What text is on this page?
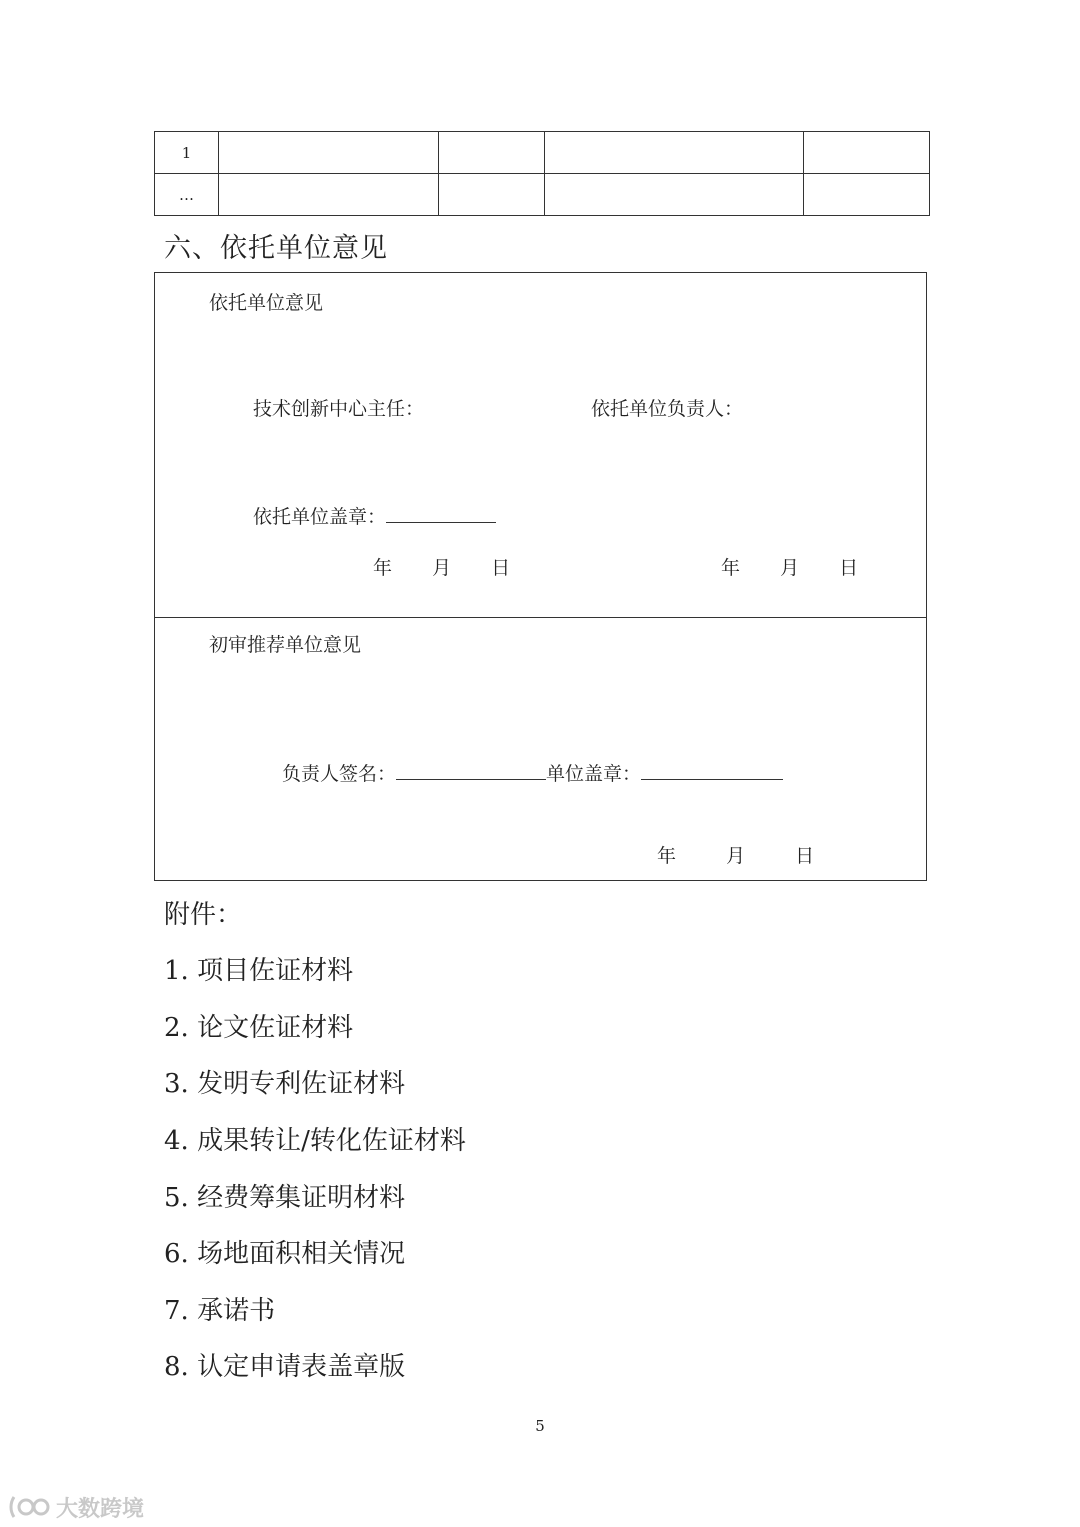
1				
…				
六、依托单位意见
依托单位意见
技术创新中心主任：	依托单位负责人：
依托单位盖章：
年 月 日	年 月 日
初审推荐单位意见
负责人签名：	单位盖章：
年	月	日
附件：
1. 项目佐证材料
2. 论文佐证材料
3. 发明专利佐证材料
4. 成果转让/转化佐证材料
5. 经费筹集证明材料
6. 场地面积相关情况
7. 承诺书
8. 认定申请表盖章版
5
大数跨境
